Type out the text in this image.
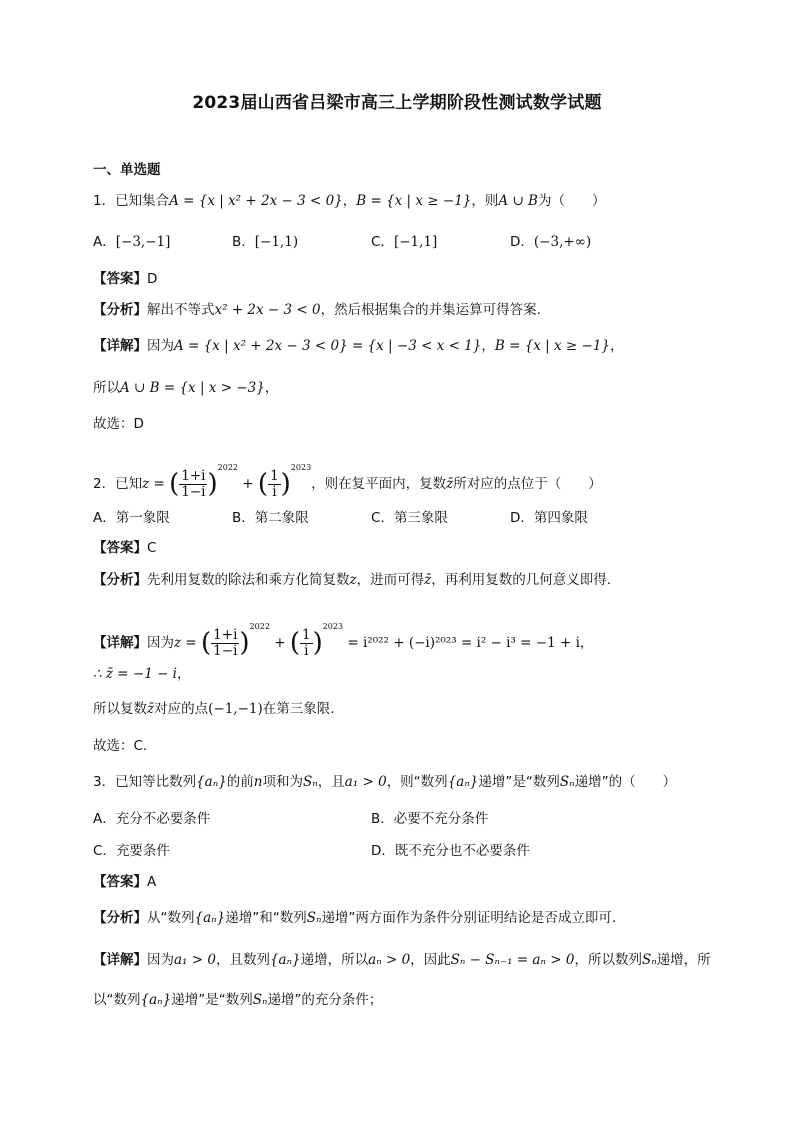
2023届山西省吕梁市高三上学期阶段性测试数学试题
一、单选题
1．已知集合A = {x | x² + 2x − 3 < 0}，B = {x | x ≥ −1}，则A ∪ B为（　　）
A．[−3,−1]	B．[−1,1)	C．[−1,1]	D．(−3,+∞)
【答案】D
【分析】解出不等式x² + 2x − 3 < 0，然后根据集合的并集运算可得答案.
【详解】因为A = {x | x² + 2x − 3 < 0} = {x | −3 < x < 1}，B = {x | x ≥ −1}，
所以A ∪ B = {x | x > −3}，
故选：D
2．已知z = ( $\frac{1+i}{1-i} )^{2022}$ + ( $\frac{1}{i} )^{2023}$，则在复平面内，复数z̄所对应的点位于（　　）
A．第一象限	B．第二象限	C．第三象限	D．第四象限
【答案】C
【分析】先利用复数的除法和乘方化简复数z，进而可得z̄，再利用复数的几何意义即得.
【详解】因为z = ( $\frac{1+i}{1-i} )^{2022}$ + ( $\frac{1}{i} )^{2023} = i^{2022} + (-i)^{2023} = i^2 - i^3 = -1 + i$，
∴ z̄ = −1 − i，
所以复数z̄对应的点(−1,−1)在第三象限.
故选：C.
3．已知等比数列{aₙ}的前n项和为Sₙ，且a₁ > 0，则“数列{aₙ}递增”是“数列Sₙ递增”的（　　）
A．充分不必要条件	B．必要不充分条件
C．充要条件	D．既不充分也不必要条件
【答案】A
【分析】从“数列{aₙ}递增”和“数列Sₙ递增”两方面作为条件分别证明结论是否成立即可.
【详解】因为a₁ > 0，且数列{aₙ}递增，所以aₙ > 0，因此Sₙ − Sₙ₋₁ = aₙ > 0，所以数列Sₙ递增，所
以“数列{aₙ}递增”是“数列Sₙ递增”的充分条件；
